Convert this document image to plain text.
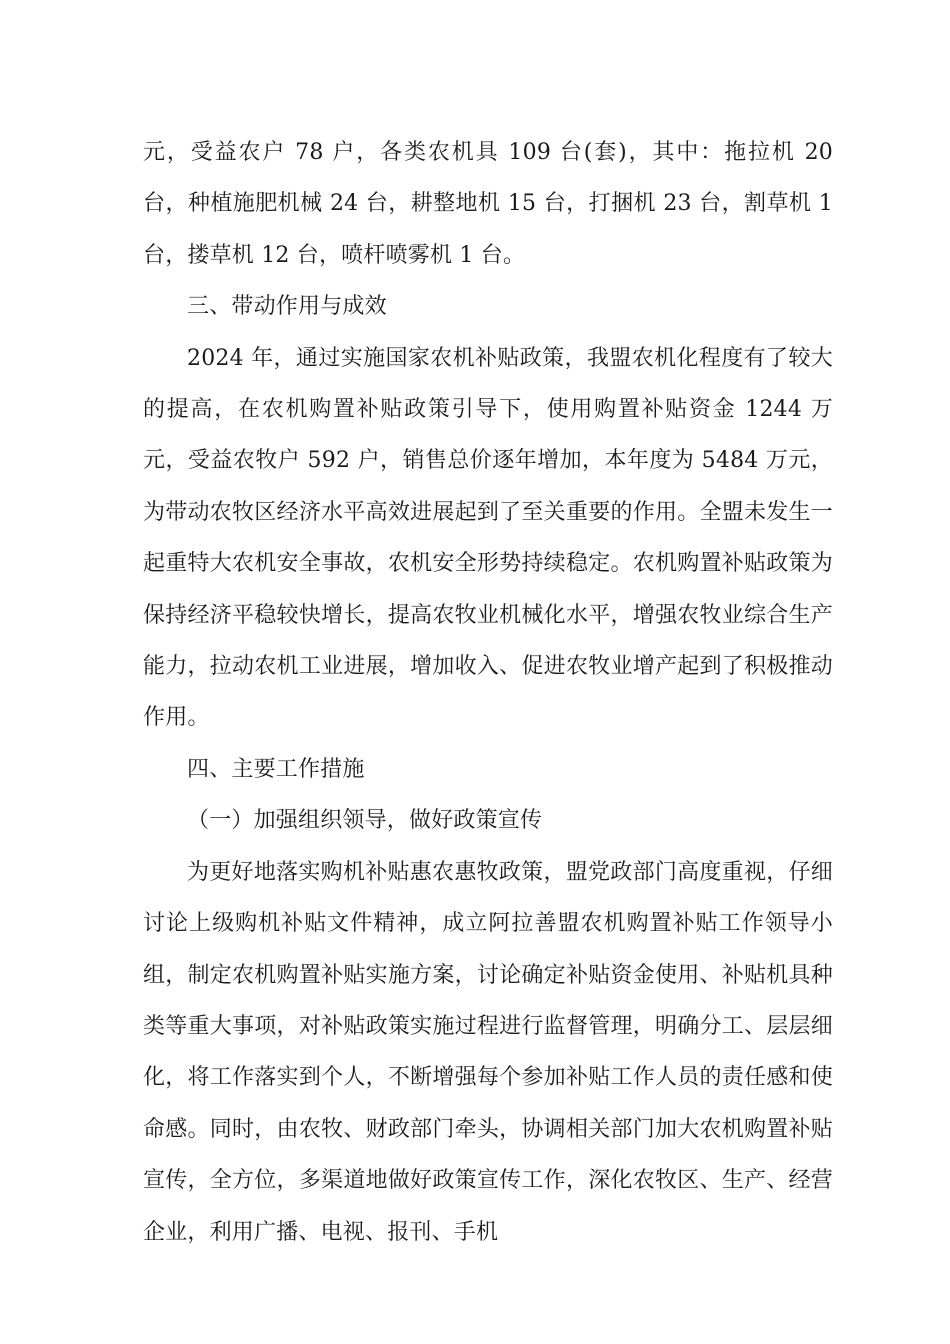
元，受益农户 78 户，各类农机具 109 台(套)，其中：拖拉机 20 台，种植施肥机械 24 台，耕整地机 15 台，打捆机 23 台，割草机 1 台，搂草机 12 台，喷杆喷雾机 1 台。

三、带动作用与成效

2024 年，通过实施国家农机补贴政策，我盟农机化程度有了较大的提高，在农机购置补贴政策引导下，使用购置补贴资金 1244 万元，受益农牧户 592 户，销售总价逐年增加，本年度为 5484 万元，为带动农牧区经济水平高效进展起到了至关重要的作用。全盟未发生一起重特大农机安全事故，农机安全形势持续稳定。农机购置补贴政策为保持经济平稳较快增长，提高农牧业机械化水平，增强农牧业综合生产能力，拉动农机工业进展，增加收入、促进农牧业增产起到了积极推动作用。

四、主要工作措施

（一）加强组织领导，做好政策宣传

为更好地落实购机补贴惠农惠牧政策，盟党政部门高度重视，仔细讨论上级购机补贴文件精神，成立阿拉善盟农机购置补贴工作领导小组，制定农机购置补贴实施方案，讨论确定补贴资金使用、补贴机具种类等重大事项，对补贴政策实施过程进行监督管理，明确分工、层层细化，将工作落实到个人，不断增强每个参加补贴工作人员的责任感和使命感。同时，由农牧、财政部门牵头，协调相关部门加大农机购置补贴宣传，全方位，多渠道地做好政策宣传工作，深化农牧区、生产、经营企业，利用广播、电视、报刊、手机
